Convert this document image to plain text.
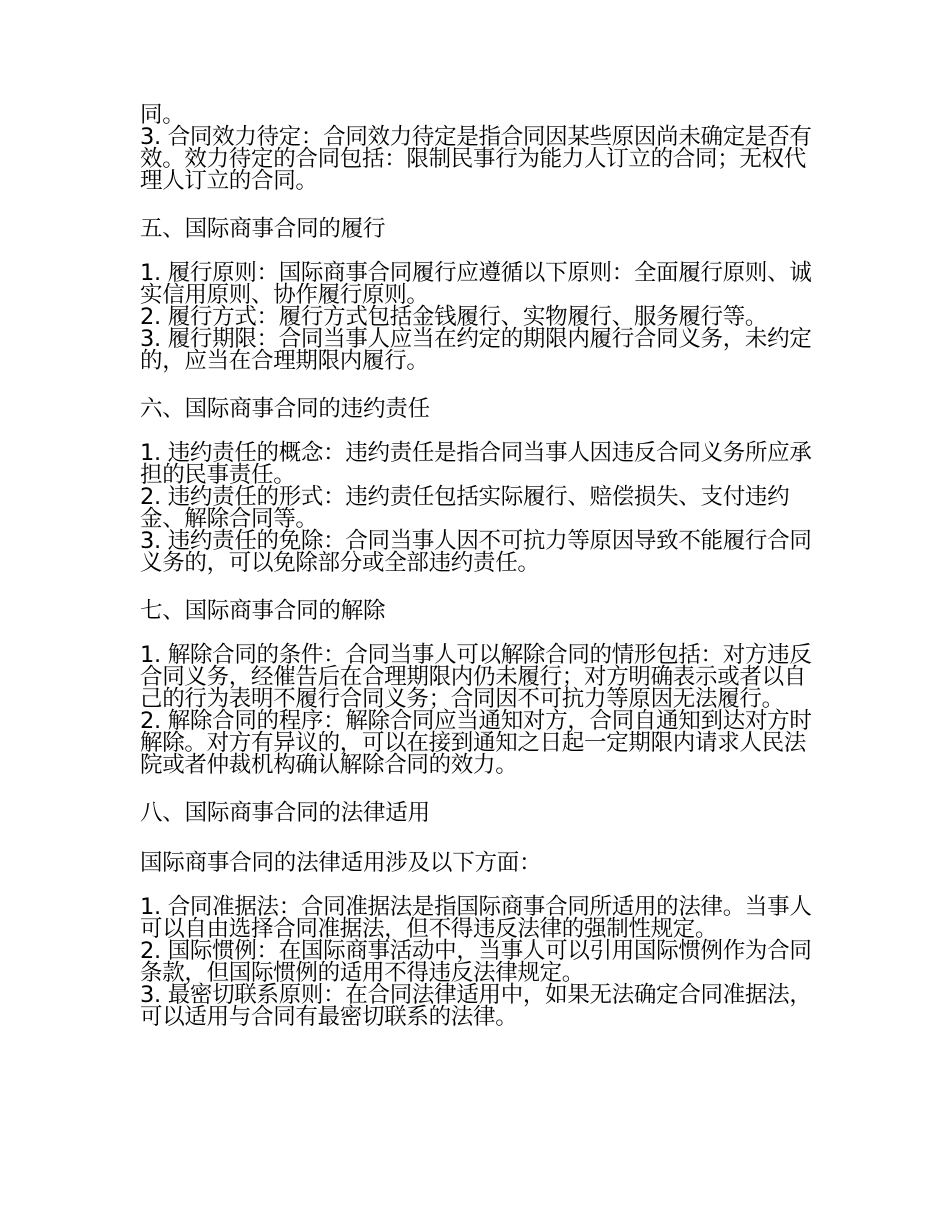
同。
3. 合同效力待定：合同效力待定是指合同因某些原因尚未确定是否有效。效力待定的合同包括：限制民事行为能力人订立的合同；无权代理人订立的合同。
五、国际商事合同的履行
1. 履行原则：国际商事合同履行应遵循以下原则：全面履行原则、诚实信用原则、协作履行原则。
2. 履行方式：履行方式包括金钱履行、实物履行、服务履行等。
3. 履行期限：合同当事人应当在约定的期限内履行合同义务，未约定的，应当在合理期限内履行。
六、国际商事合同的违约责任
1. 违约责任的概念：违约责任是指合同当事人因违反合同义务所应承担的民事责任。
2. 违约责任的形式：违约责任包括实际履行、赔偿损失、支付违约金、解除合同等。
3. 违约责任的免除：合同当事人因不可抗力等原因导致不能履行合同义务的，可以免除部分或全部违约责任。
七、国际商事合同的解除
1. 解除合同的条件：合同当事人可以解除合同的情形包括：对方违反合同义务，经催告后在合理期限内仍未履行；对方明确表示或者以自己的行为表明不履行合同义务；合同因不可抗力等原因无法履行。
2. 解除合同的程序：解除合同应当通知对方，合同自通知到达对方时解除。对方有异议的，可以在接到通知之日起一定期限内请求人民法院或者仲裁机构确认解除合同的效力。
八、国际商事合同的法律适用

国际商事合同的法律适用涉及以下方面：

1. 合同准据法：合同准据法是指国际商事合同所适用的法律。当事人可以自由选择合同准据法，但不得违反法律的强制性规定。
2. 国际惯例：在国际商事活动中，当事人可以引用国际惯例作为合同条款，但国际惯例的适用不得违反法律规定。
3. 最密切联系原则：在合同法律适用中，如果无法确定合同准据法，可以适用与合同有最密切联系的法律。
